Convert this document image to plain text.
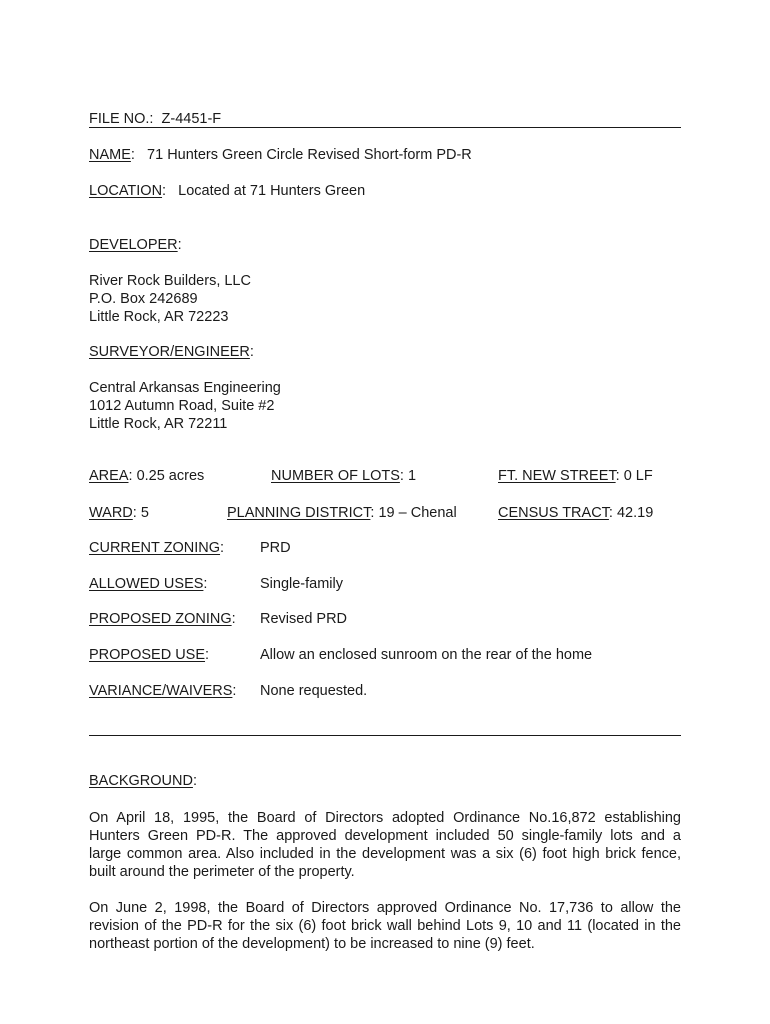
FILE NO.: Z-4451-F
NAME:   71 Hunters Green Circle Revised Short-form PD-R
LOCATION:   Located at 71 Hunters Green
DEVELOPER:
River Rock Builders, LLC
P.O. Box 242689
Little Rock, AR 72223
SURVEYOR/ENGINEER:
Central Arkansas Engineering
1012 Autumn Road, Suite #2
Little Rock, AR 72211
AREA: 0.25 acres	NUMBER OF LOTS: 1	FT. NEW STREET: 0 LF
WARD: 5	PLANNING DISTRICT: 19 – Chenal	CENSUS TRACT: 42.19
CURRENT ZONING: PRD
ALLOWED USES:	Single-family
PROPOSED ZONING: Revised PRD
PROPOSED USE:	Allow an enclosed sunroom on the rear of the home
VARIANCE/WAIVERS: None requested.
BACKGROUND:
On April 18, 1995, the Board of Directors adopted Ordinance No.16,872 establishing
Hunters Green PD-R. The approved development included 50 single-family lots and a
large common area. Also included in the development was a six (6) foot high brick fence,
built around the perimeter of the property.
On June 2, 1998, the Board of Directors approved Ordinance No. 17,736 to allow the
revision of the PD-R for the six (6) foot brick wall behind Lots 9, 10 and 11 (located in the
northeast portion of the development) to be increased to nine (9) feet.
